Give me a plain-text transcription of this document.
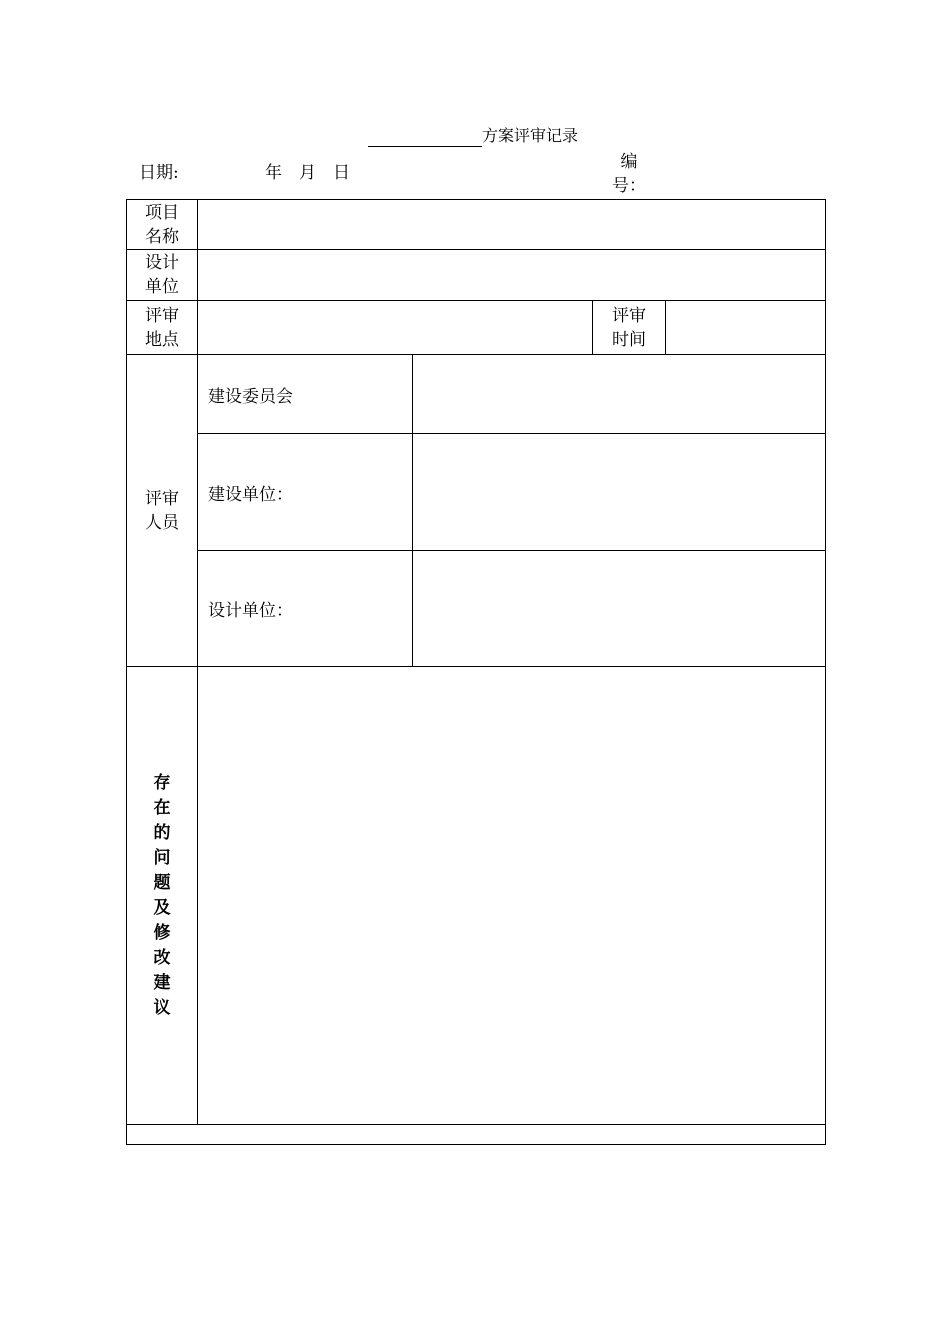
方案评审记录
日期:	年　月　日
编号：
项目名称
设计单位
评审地点
评审时间
评审人员
建设委员会
建设单位：
设计单位：
存在的问题及修改建议
